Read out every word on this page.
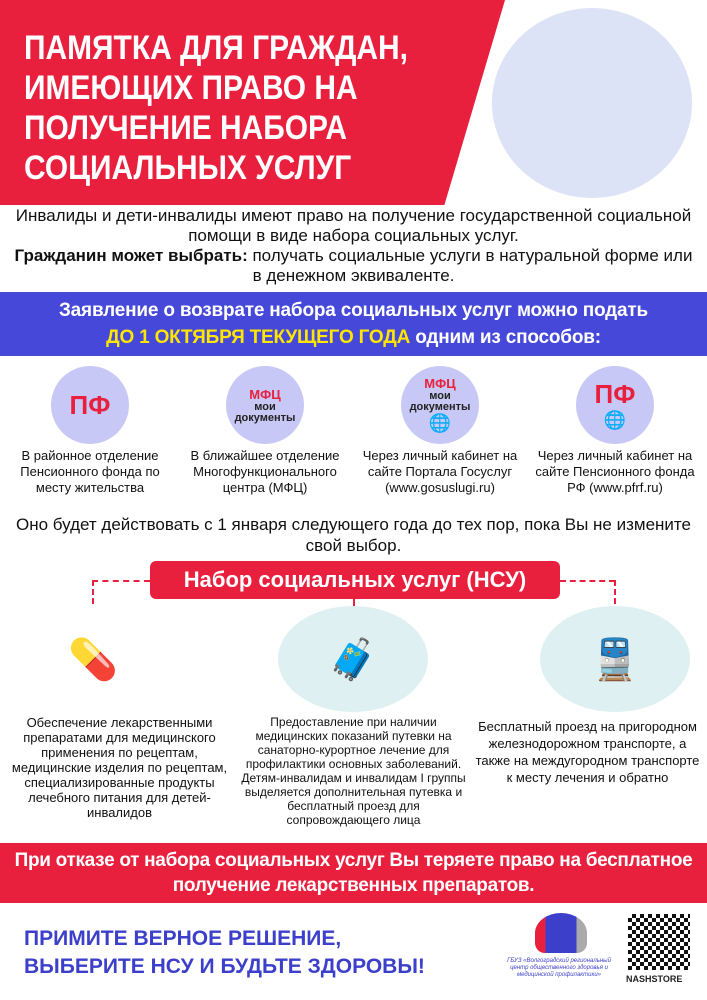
ПАМЯТКА ДЛЯ ГРАЖДАН, ИМЕЮЩИХ ПРАВО НА ПОЛУЧЕНИЕ НАБОРА СОЦИАЛЬНЫХ УСЛУГ

Инвалиды и дети-инвалиды имеют право на получение государственной социальной помощи в виде набора социальных услуг.
Гражданин может выбрать: получать социальные услуги в натуральной форме или в денежном эквиваленте.

Заявление о возврате набора социальных услуг можно подать
ДО 1 ОКТЯБРЯ ТЕКУЩЕГО ГОДА одним из способов:
ПФ
В районное отделение Пенсионного фонда по месту жительства
МФЦ
мои документы
В ближайшее отделение Многофункционального центра (МФЦ)
МФЦ
мои документы
🌐
Через личный кабинет на сайте Портала Госуслуг (www.gosuslugi.ru)
ПФ
🌐
Через личный кабинет на сайте Пенсионного фонда РФ (www.pfrf.ru)

Оно будет действовать с 1 января следующего года до тех пор, пока Вы не измените свой выбор.

Набор социальных услуг (НСУ)
💊	🧳	🚆

Обеспечение лекарственными препаратами для медицинского применения по рецептам, медицинские изделия по рецептам, специализированные продукты лечебного питания для детей- инвалидов

Предоставление при наличии медицинских показаний путевки на санаторно-курортное лечение для профилактики основных заболеваний.
Детям-инвалидам и инвалидам I группы выделяется дополнительная путевка и бесплатный проезд для сопровождающего лица

Бесплатный проезд на пригородном железнодорожном транспорте, а также на междугородном транспорте к месту лечения и обратно

При отказе от набора социальных услуг Вы теряете право на бесплатное получение лекарственных препаратов.
ПРИМИТЕ ВЕРНОЕ РЕШЕНИЕ,
ВЫБЕРИТЕ НСУ И БУДЬТЕ ЗДОРОВЫ!	ГБУЗ «Волгоградский региональный центр общественного здоровья и медицинской профилактики»	NASHSTORE
